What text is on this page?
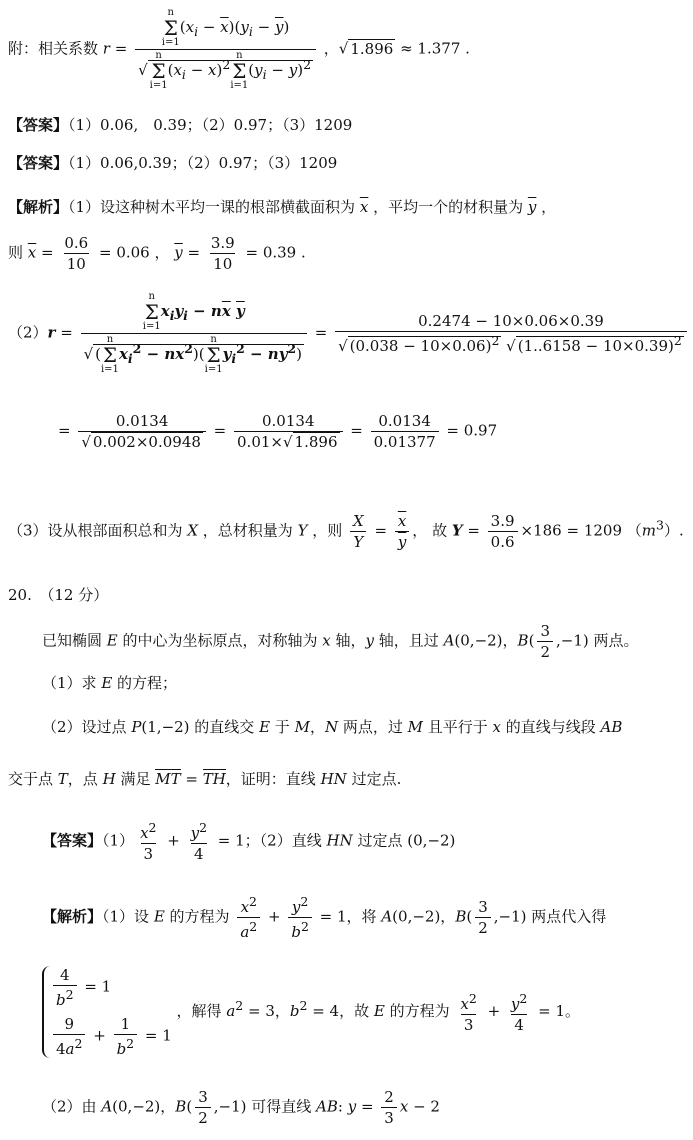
附：相关系数 r = n
Σ
i=1
$(x_i - \overline{x})(y_i - \overline{y})$
√
n
Σ
i=1
$(x_i - \overline{x})^2$
n
Σ
i=1
$(y_i - \overline{y})^2$ ，√ 1.896 ≈ 1.377 .
【答案】（1）0.06,　0.39；（2）0.97；（3）1209
【答案】（1）0.06,0.39；（2）0.97；（3）1209
【解析】（1）设这种树木平均一课的根部横截面积为 $\overline{x}$ ，平均一个的材积量为 $\overline{y}$ ，
则 $\overline{x} = \frac{0.6}{10} = 0.06$ ， $\overline{y} = \frac{3.9}{10} = 0.39$ .
（2）r = n
Σ
i=1
$x_iy_i - n\overline{x}$ $\overline{y}$
√ (
n
Σ
i=1
$x_i^2 - n\overline{x}^2$)(
n
Σ
i=1
$y_i^2 - n\overline{y}^2) = \frac{0.2474 - 10\times 0.06\times 0.39}{√ (0.038 - 10\times 0.06)^2 √ (1..6158 - 10\times 0.39)^2}$
= $\frac{0.0134}{√ 0.002\times 0.0948} = \frac{0.0134}{0.01\times√ 1.896} = \frac{0.0134}{0.01377} = 0.97$
（3）设从根部面积总和为 X ，总材积量为 Y ，则 $\frac{X}{Y} = \frac{\overline{x}}{y}$ ， 故 $Y = \frac{3.9}{0.6} \times 186 = 1209$ $(m^3)$.
20.　（12 分）
已知椭圆 E 的中心为坐标原点，对称轴为 x 轴，y 轴，且过 A(0,−2)，$B( \frac{3}{2} ,-1)$ 两点。
（1）求 E 的方程；
（2）设过点 P(1,−2) 的直线交 E 于 M，N 两点，过 M 且平行于 x 的直线与线段 AB
交于点 T，点 H 满足 MT = TH，证明：直线 HN 过定点.
【答案】$(1) \frac{x^2}{3} + \frac{y^2}{4} = 1$；（2）直线 HN 过定点 (0,−2)
【解析】（1）设 E 的方程为 $\frac{x^2}{a^2} + \frac{y^2}{b^2} = 1$，将 A(0,−2)，$B( \frac{3}{2} ,-1)$ 两点代入得
$\frac{4}{b^2} = 1$
$\frac{9}{4a^2} + \frac{1}{b^2} = 1$
，解得 $a^2 = 3$，$b^2 = 4$，故 E 的方程为 $\frac{x^2}{3} + \frac{y^2}{4} = 1$。
（2）由 A(0,−2)，$B( \frac{3}{2} ,-1)$ 可得直线 AB: $y = \frac{2}{3}$ x − 2
